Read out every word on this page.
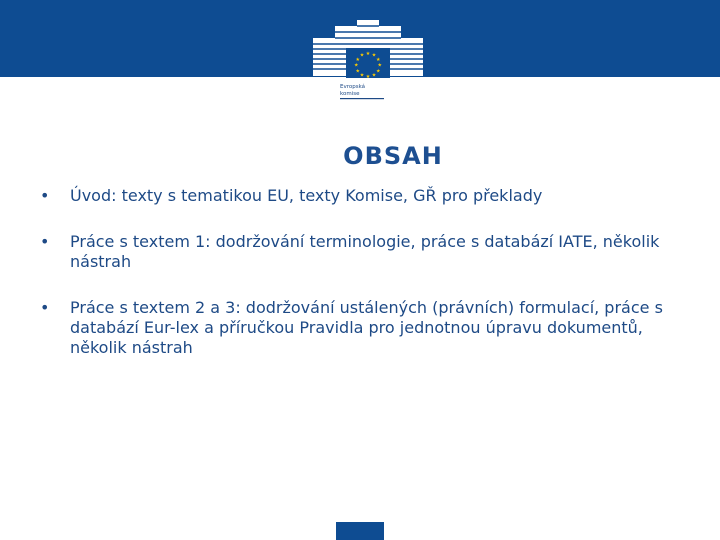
★ ★
★
★
★
★
★
★
★
★
★
★
Evropská
komise
OBSAH
•	Úvod: texty s tematikou EU, texty Komise, GŘ pro překlady
•	Práce s textem 1: dodržování terminologie, práce s databází IATE, několik nástrah
•	Práce s textem 2 a 3: dodržování ustálených (právních) formulací, práce s databází Eur-lex a příručkou Pravidla pro jednotnou úpravu dokumentů, několik nástrah
